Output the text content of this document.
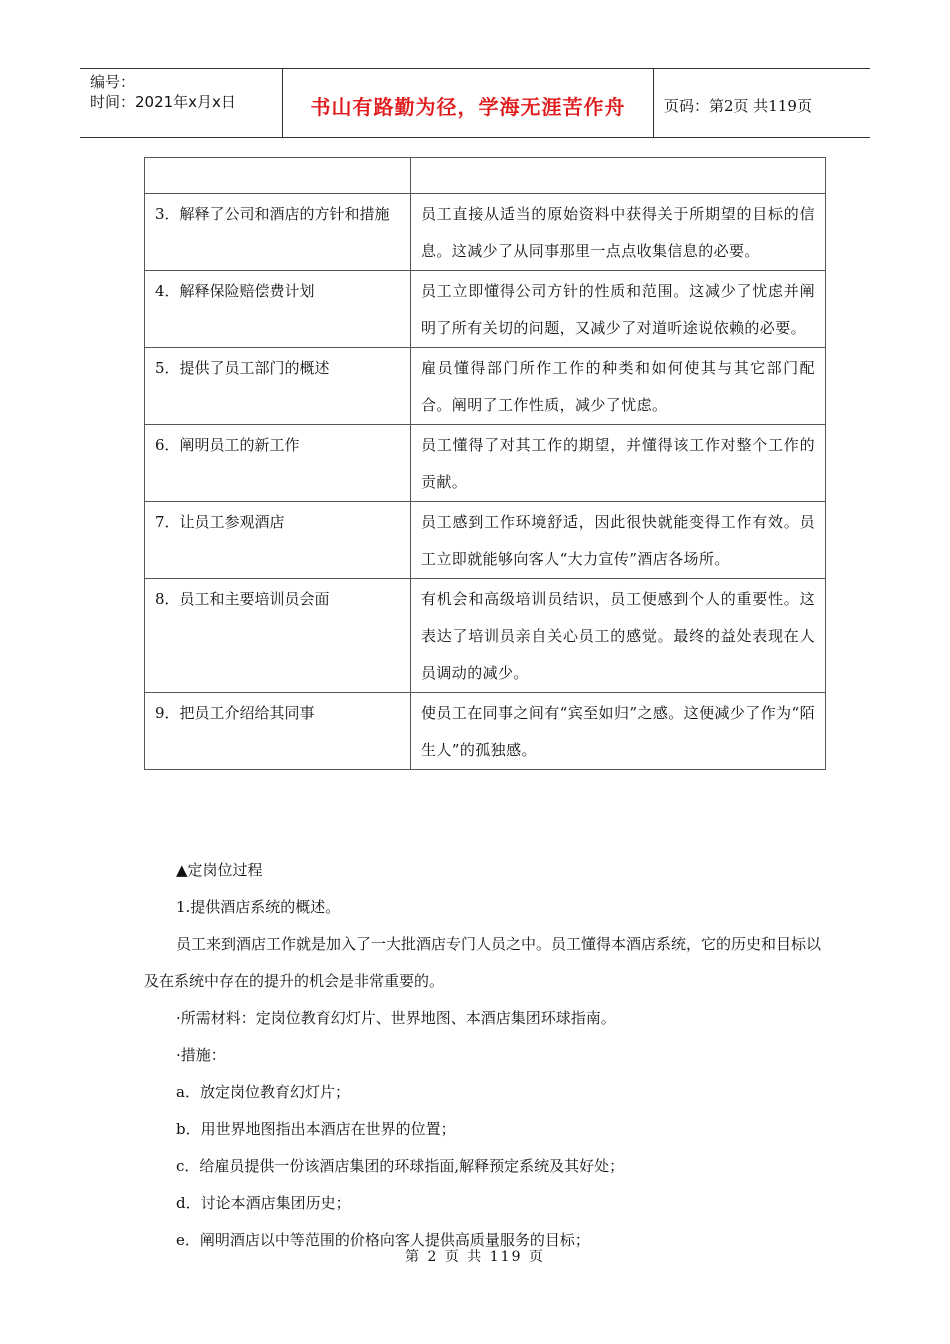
编号：
时间：2021年x月x日	书山有路勤为径，学海无涯苦作舟	页码：第2页 共119页

3．解释了公司和酒店的方针和措施	员工直接从适当的原始资料中获得关于所期望的目标的信息。这减少了从同事那里一点点收集信息的必要。
4．解释保险赔偿费计划	员工立即懂得公司方针的性质和范围。这减少了忧虑并阐明了所有关切的问题，又减少了对道听途说依赖的必要。
5．提供了员工部门的概述	雇员懂得部门所作工作的种类和如何使其与其它部门配合。阐明了工作性质，减少了忧虑。
6．阐明员工的新工作	员工懂得了对其工作的期望，并懂得该工作对整个工作的贡献。
7．让员工参观酒店	员工感到工作环境舒适，因此很快就能变得工作有效。员工立即就能够向客人“大力宣传”酒店各场所。
8．员工和主要培训员会面	有机会和高级培训员结识，员工便感到个人的重要性。这表达了培训员亲自关心员工的感觉。最终的益处表现在人员调动的减少。
9．把员工介绍给其同事	使员工在同事之间有“宾至如归”之感。这便减少了作为“陌生人”的孤独感。

▲定岗位过程

1.提供酒店系统的概述。

员工来到酒店工作就是加入了一大批酒店专门人员之中。员工懂得本酒店系统，它的历史和目标以及在系统中存在的提升的机会是非常重要的。

·所需材料：定岗位教育幻灯片、世界地图、本酒店集团环球指南。

·措施：

a．放定岗位教育幻灯片；

b．用世界地图指出本酒店在世界的位置；

c．给雇员提供一份该酒店集团的环球指面,解释预定系统及其好处；

d．讨论本酒店集团历史；

e．阐明酒店以中等范围的价格向客人提供高质量服务的目标；

第 2 页 共 119 页
